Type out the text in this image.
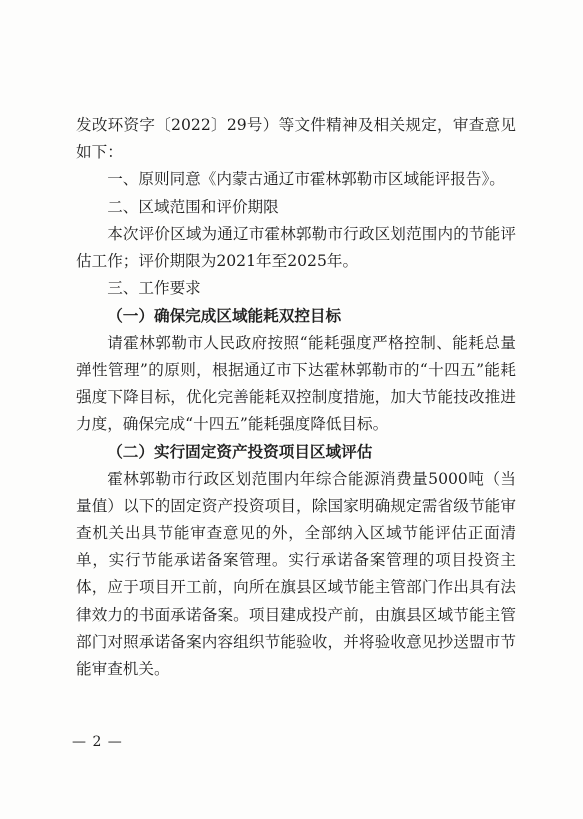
发改环资字〔2022〕29号）等文件精神及相关规定，审查意见如下：

一、原则同意《内蒙古通辽市霍林郭勒市区域能评报告》。

二、区域范围和评价期限

本次评价区域为通辽市霍林郭勒市行政区划范围内的节能评估工作；评价期限为2021年至2025年。

三、工作要求

（一）确保完成区域能耗双控目标

请霍林郭勒市人民政府按照“能耗强度严格控制、能耗总量弹性管理”的原则，根据通辽市下达霍林郭勒市的“十四五”能耗强度下降目标，优化完善能耗双控制度措施，加大节能技改推进力度，确保完成“十四五”能耗强度降低目标。

（二）实行固定资产投资项目区域评估

霍林郭勒市行政区划范围内年综合能源消费量5000吨（当量值）以下的固定资产投资项目，除国家明确规定需省级节能审查机关出具节能审查意见的外，全部纳入区域节能评估正面清单，实行节能承诺备案管理。实行承诺备案管理的项目投资主体，应于项目开工前，向所在旗县区域节能主管部门作出具有法律效力的书面承诺备案。项目建成投产前，由旗县区域节能主管部门对照承诺备案内容组织节能验收，并将验收意见抄送盟市节能审查机关。

— 2 —
